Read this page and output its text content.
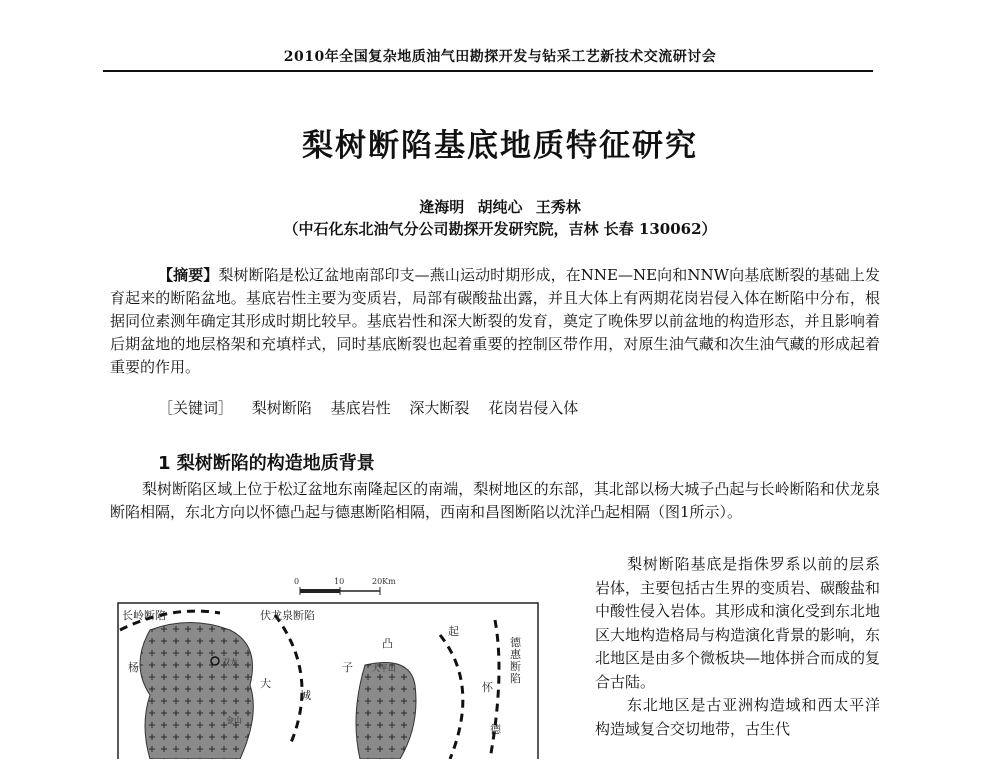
2010年全国复杂地质油气田勘探开发与钻采工艺新技术交流研讨会
梨树断陷基底地质特征研究
逄海明 胡纯心 王秀林
（中石化东北油气分公司勘探开发研究院，吉林 长春 130062）
【摘要】梨树断陷是松辽盆地南部印支—燕山运动时期形成，在NNE—NE向和NNW向基底断裂的基础上发育起来的断陷盆地。基底岩性主要为变质岩，局部有碳酸盐出露，并且大体上有两期花岗岩侵入体在断陷中分布，根据同位素测年确定其形成时期比较早。基底岩性和深大断裂的发育，奠定了晚侏罗以前盆地的构造形态，并且影响着后期盆地的地层格架和充填样式，同时基底断裂也起着重要的控制区带作用，对原生油气藏和次生油气藏的形成起着重要的作用。
［关键词］ 梨树断陷 基底岩性 深大断裂 花岗岩侵入体
1 梨树断陷的构造地质背景
梨树断陷区域上位于松辽盆地东南隆起区的南端，梨树地区的东部，其北部以杨大城子凸起与长岭断陷和伏龙泉断陷相隔，东北方向以怀德凸起与德惠断陷相隔，西南和昌图断陷以沈洋凸起相隔（图1所示）。

梨树断陷基底是指侏罗系以前的层系岩体，主要包括古生界的变质岩、碳酸盐和中酸性侵入岩体。其形成和演化受到东北地区大地构造格局与构造演化背景的影响，东北地区是由多个微板块—地体拼合而成的复合古陆。

东北地区是古亚洲构造域和西太平洋构造域复合交切地带，古生代

0	10	20Km
长岭断陷	伏龙泉断陷
德惠断陷
凸
起
子
杨
大
城
怀
德
双龙
大平山
金山
